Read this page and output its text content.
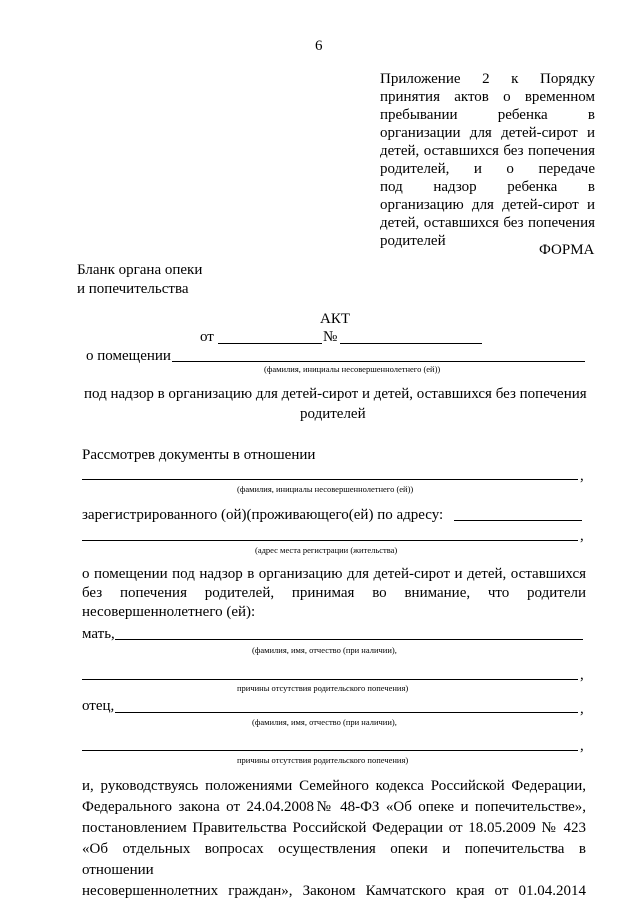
6
Приложение 2 к Порядку
принятия актов о временном
пребывании ребенка в
организации для детей-сирот и
детей, оставшихся без попечения
родителей, и о передаче
под надзор ребенка в
организацию для детей-сирот и
детей, оставшихся без попечения
родителей
ФОРМА
Бланк органа опеки
и попечительства
АКТ
от	№
о помещении
(фамилия, инициалы несовершеннолетнего (ей))
под надзор в организацию для детей-сирот и детей, оставшихся без попечения
родителей
Рассмотрев документы в отношении
,
(фамилия, инициалы несовершеннолетнего (ей))
зарегистрированного (ой)(проживающего(ей) по адресу:
,
(адрес места регистрации (жительства)
о помещении под надзор в организацию для детей-сирот и детей, оставшихся
без попечения родителей, принимая во внимание, что родители
несовершеннолетнего (ей):
мать,
(фамилия, имя, отчество (при наличии),
,
причины отсутствия родительского попечения)
отец,	,
(фамилия, имя, отчество (при наличии),
,
причины отсутствия родительского попечения)
и, руководствуясь положениями Семейного кодекса Российской Федерации,
Федерального закона от 24.04.2008№ 48-ФЗ «Об опеке и попечительстве»,
постановлением Правительства Российской Федерации от 18.05.2009 № 423
«Об отдельных вопросах осуществления опеки и попечительства в отношении
несовершеннолетних граждан», Законом Камчатского края от 01.04.2014
